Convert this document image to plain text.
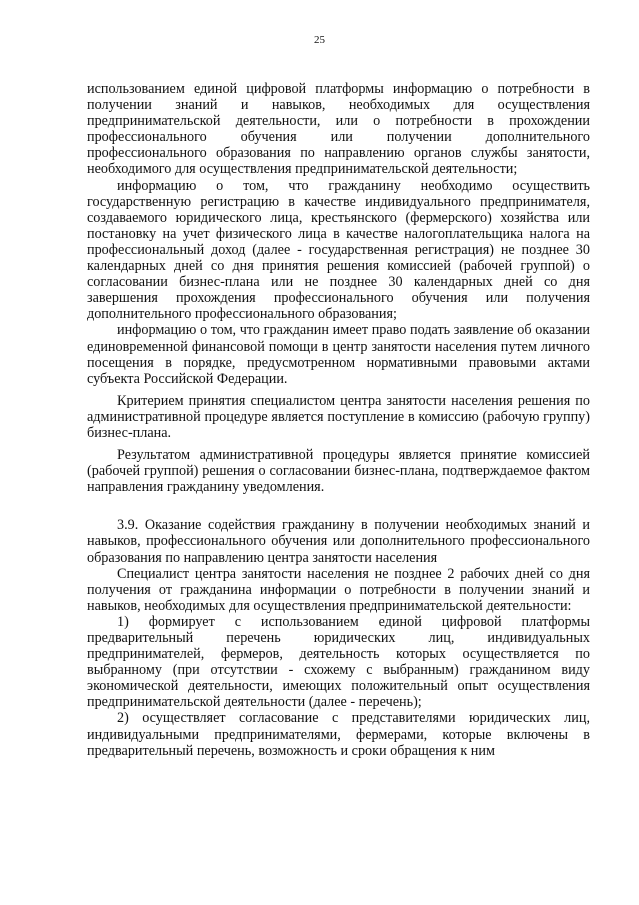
25

использованием единой цифровой платформы информацию о потребности в получении знаний и навыков, необходимых для осуществления предпринимательской деятельности, или о потребности в прохождении профессионального обучения или получении дополнительного профессионального образования по направлению органов службы занятости, необходимого для осуществления предпринимательской деятельности;

информацию о том, что гражданину необходимо осуществить государственную регистрацию в качестве индивидуального предпринимателя, создаваемого юридического лица, крестьянского (фермерского) хозяйства или постановку на учет физического лица в качестве налогоплательщика налога на профессиональный доход (далее - государственная регистрация) не позднее 30 календарных дней со дня принятия решения комиссией (рабочей группой) о согласовании бизнес-плана или не позднее 30 календарных дней со дня завершения прохождения профессионального обучения или получения дополнительного профессионального образования;

информацию о том, что гражданин имеет право подать заявление об оказании единовременной финансовой помощи в центр занятости населения путем личного посещения в порядке, предусмотренном нормативными правовыми актами субъекта Российской Федерации.

Критерием принятия специалистом центра занятости населения решения по административной процедуре является поступление в комиссию (рабочую группу) бизнес-плана.

Результатом административной процедуры является принятие комиссией (рабочей группой) решения о согласовании бизнес-плана, подтверждаемое фактом направления гражданину уведомления.

3.9. Оказание содействия гражданину в получении необходимых знаний и навыков, профессионального обучения или дополнительного профессионального образования по направлению центра занятости населения

Специалист центра занятости населения не позднее 2 рабочих дней со дня получения от гражданина информации о потребности в получении знаний и навыков, необходимых для осуществления предпринимательской деятельности:

1) формирует с использованием единой цифровой платформы предварительный перечень юридических лиц, индивидуальных предпринимателей, фермеров, деятельность которых осуществляется по выбранному (при отсутствии - схожему с выбранным) гражданином виду экономической деятельности, имеющих положительный опыт осуществления предпринимательской деятельности (далее - перечень);

2) осуществляет согласование с представителями юридических лиц, индивидуальными предпринимателями, фермерами, которые включены в предварительный перечень, возможность и сроки обращения к ним
